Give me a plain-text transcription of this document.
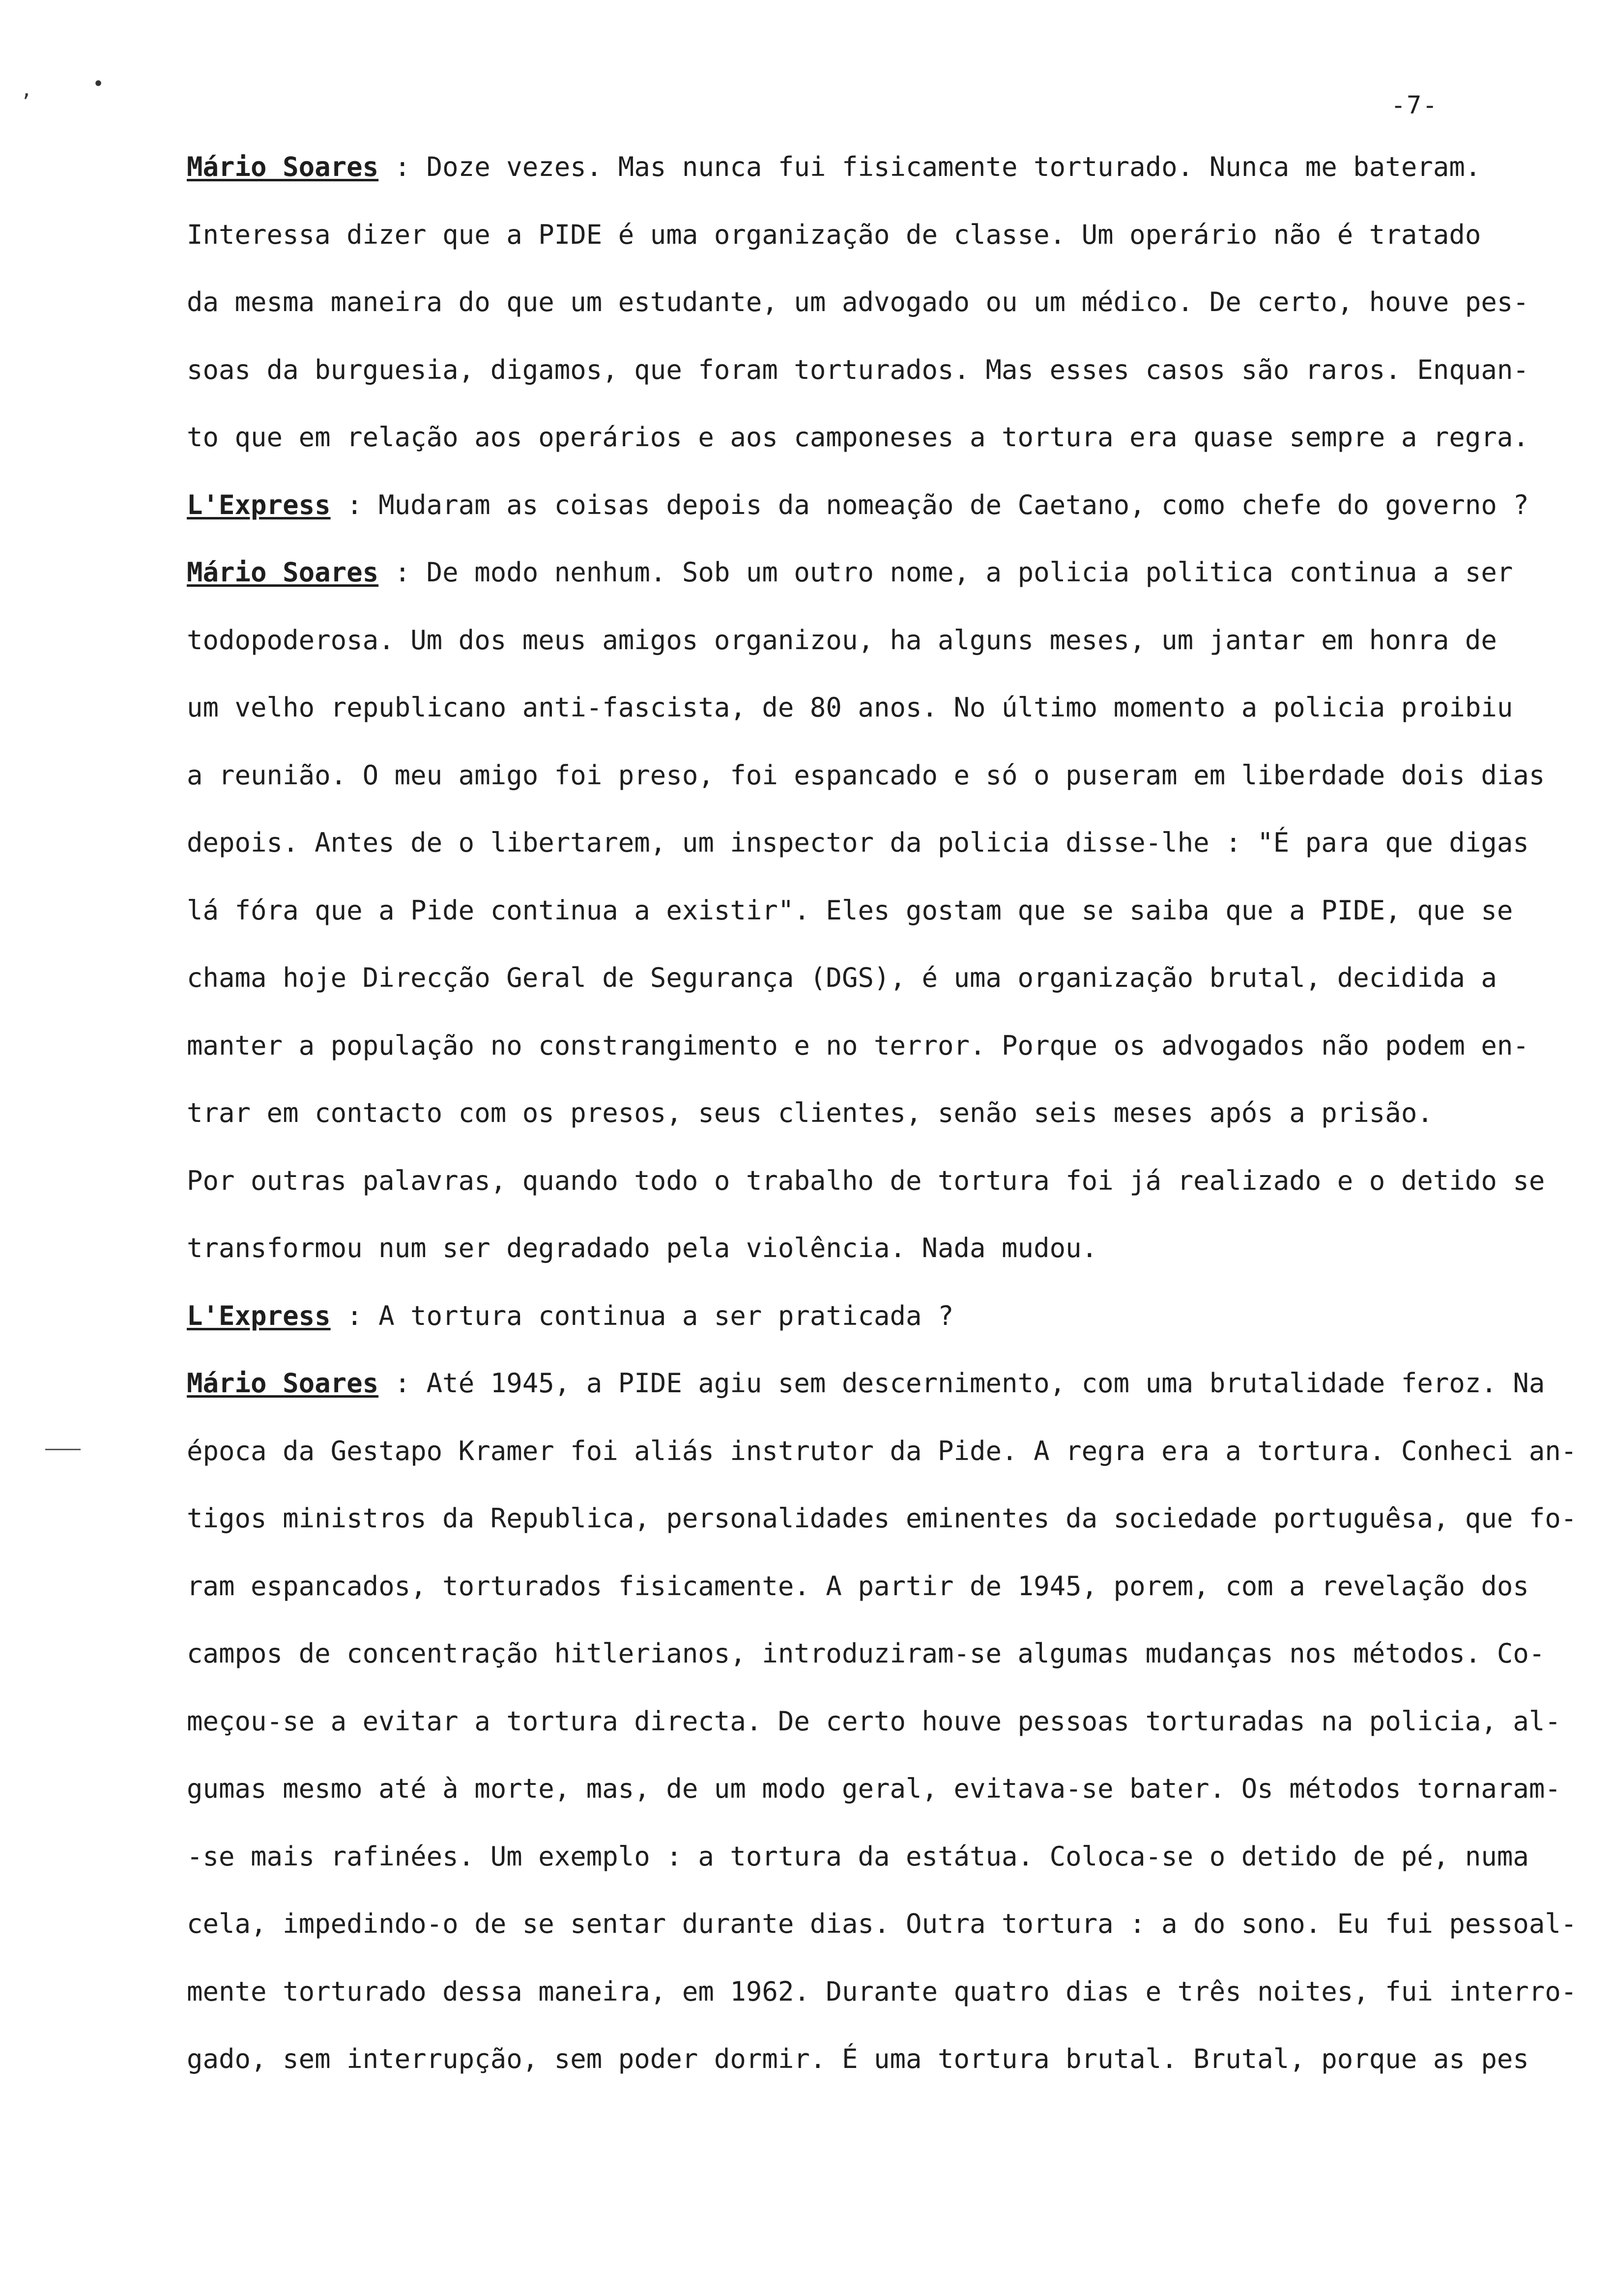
,	•
-7-
Mário Soares : Doze vezes. Mas nunca fui fisicamente torturado. Nunca me bateram.
Interessa dizer que a PIDE é uma organização de classe. Um operário não é tratado
da mesma maneira do que um estudante, um advogado ou um médico. De certo, houve pes-
soas da burguesia, digamos, que foram torturados. Mas esses casos são raros. Enquan-
to que em relação aos operários e aos camponeses a tortura era quase sempre a regra.
L'Express : Mudaram as coisas depois da nomeação de Caetano, como chefe do governo ?
Mário Soares : De modo nenhum. Sob um outro nome, a policia politica continua a ser
todopoderosa. Um dos meus amigos organizou, ha alguns meses, um jantar em honra de
um velho republicano anti-fascista, de 80 anos. No último momento a policia proibiu
a reunião. O meu amigo foi preso, foi espancado e só o puseram em liberdade dois dias
depois. Antes de o libertarem, um inspector da policia disse-lhe : "É para que digas
lá fóra que a Pide continua a existir". Eles gostam que se saiba que a PIDE, que se
chama hoje Direcção Geral de Segurança (DGS), é uma organização brutal, decidida a
manter a população no constrangimento e no terror. Porque os advogados não podem en-
trar em contacto com os presos, seus clientes, senão seis meses após a prisão.
Por outras palavras, quando todo o trabalho de tortura foi já realizado e o detido se
transformou num ser degradado pela violência. Nada mudou.
L'Express : A tortura continua a ser praticada ?
Mário Soares : Até 1945, a PIDE agiu sem descernimento, com uma brutalidade feroz. Na
época da Gestapo Kramer foi aliás instrutor da Pide. A regra era a tortura. Conheci an-
tigos ministros da Republica, personalidades eminentes da sociedade portuguêsa, que fo-
ram espancados, torturados fisicamente. A partir de 1945, porem, com a revelação dos
campos de concentração hitlerianos, introduziram-se algumas mudanças nos métodos. Co-
meçou-se a evitar a tortura directa. De certo houve pessoas torturadas na policia, al-
gumas mesmo até à morte, mas, de um modo geral, evitava-se bater. Os métodos tornaram-
-se mais rafinées. Um exemplo : a tortura da estátua. Coloca-se o detido de pé, numa
cela, impedindo-o de se sentar durante dias. Outra tortura : a do sono. Eu fui pessoal-
mente torturado dessa maneira, em 1962. Durante quatro dias e três noites, fui interro-
gado, sem interrupção, sem poder dormir. É uma tortura brutal. Brutal, porque as pes
